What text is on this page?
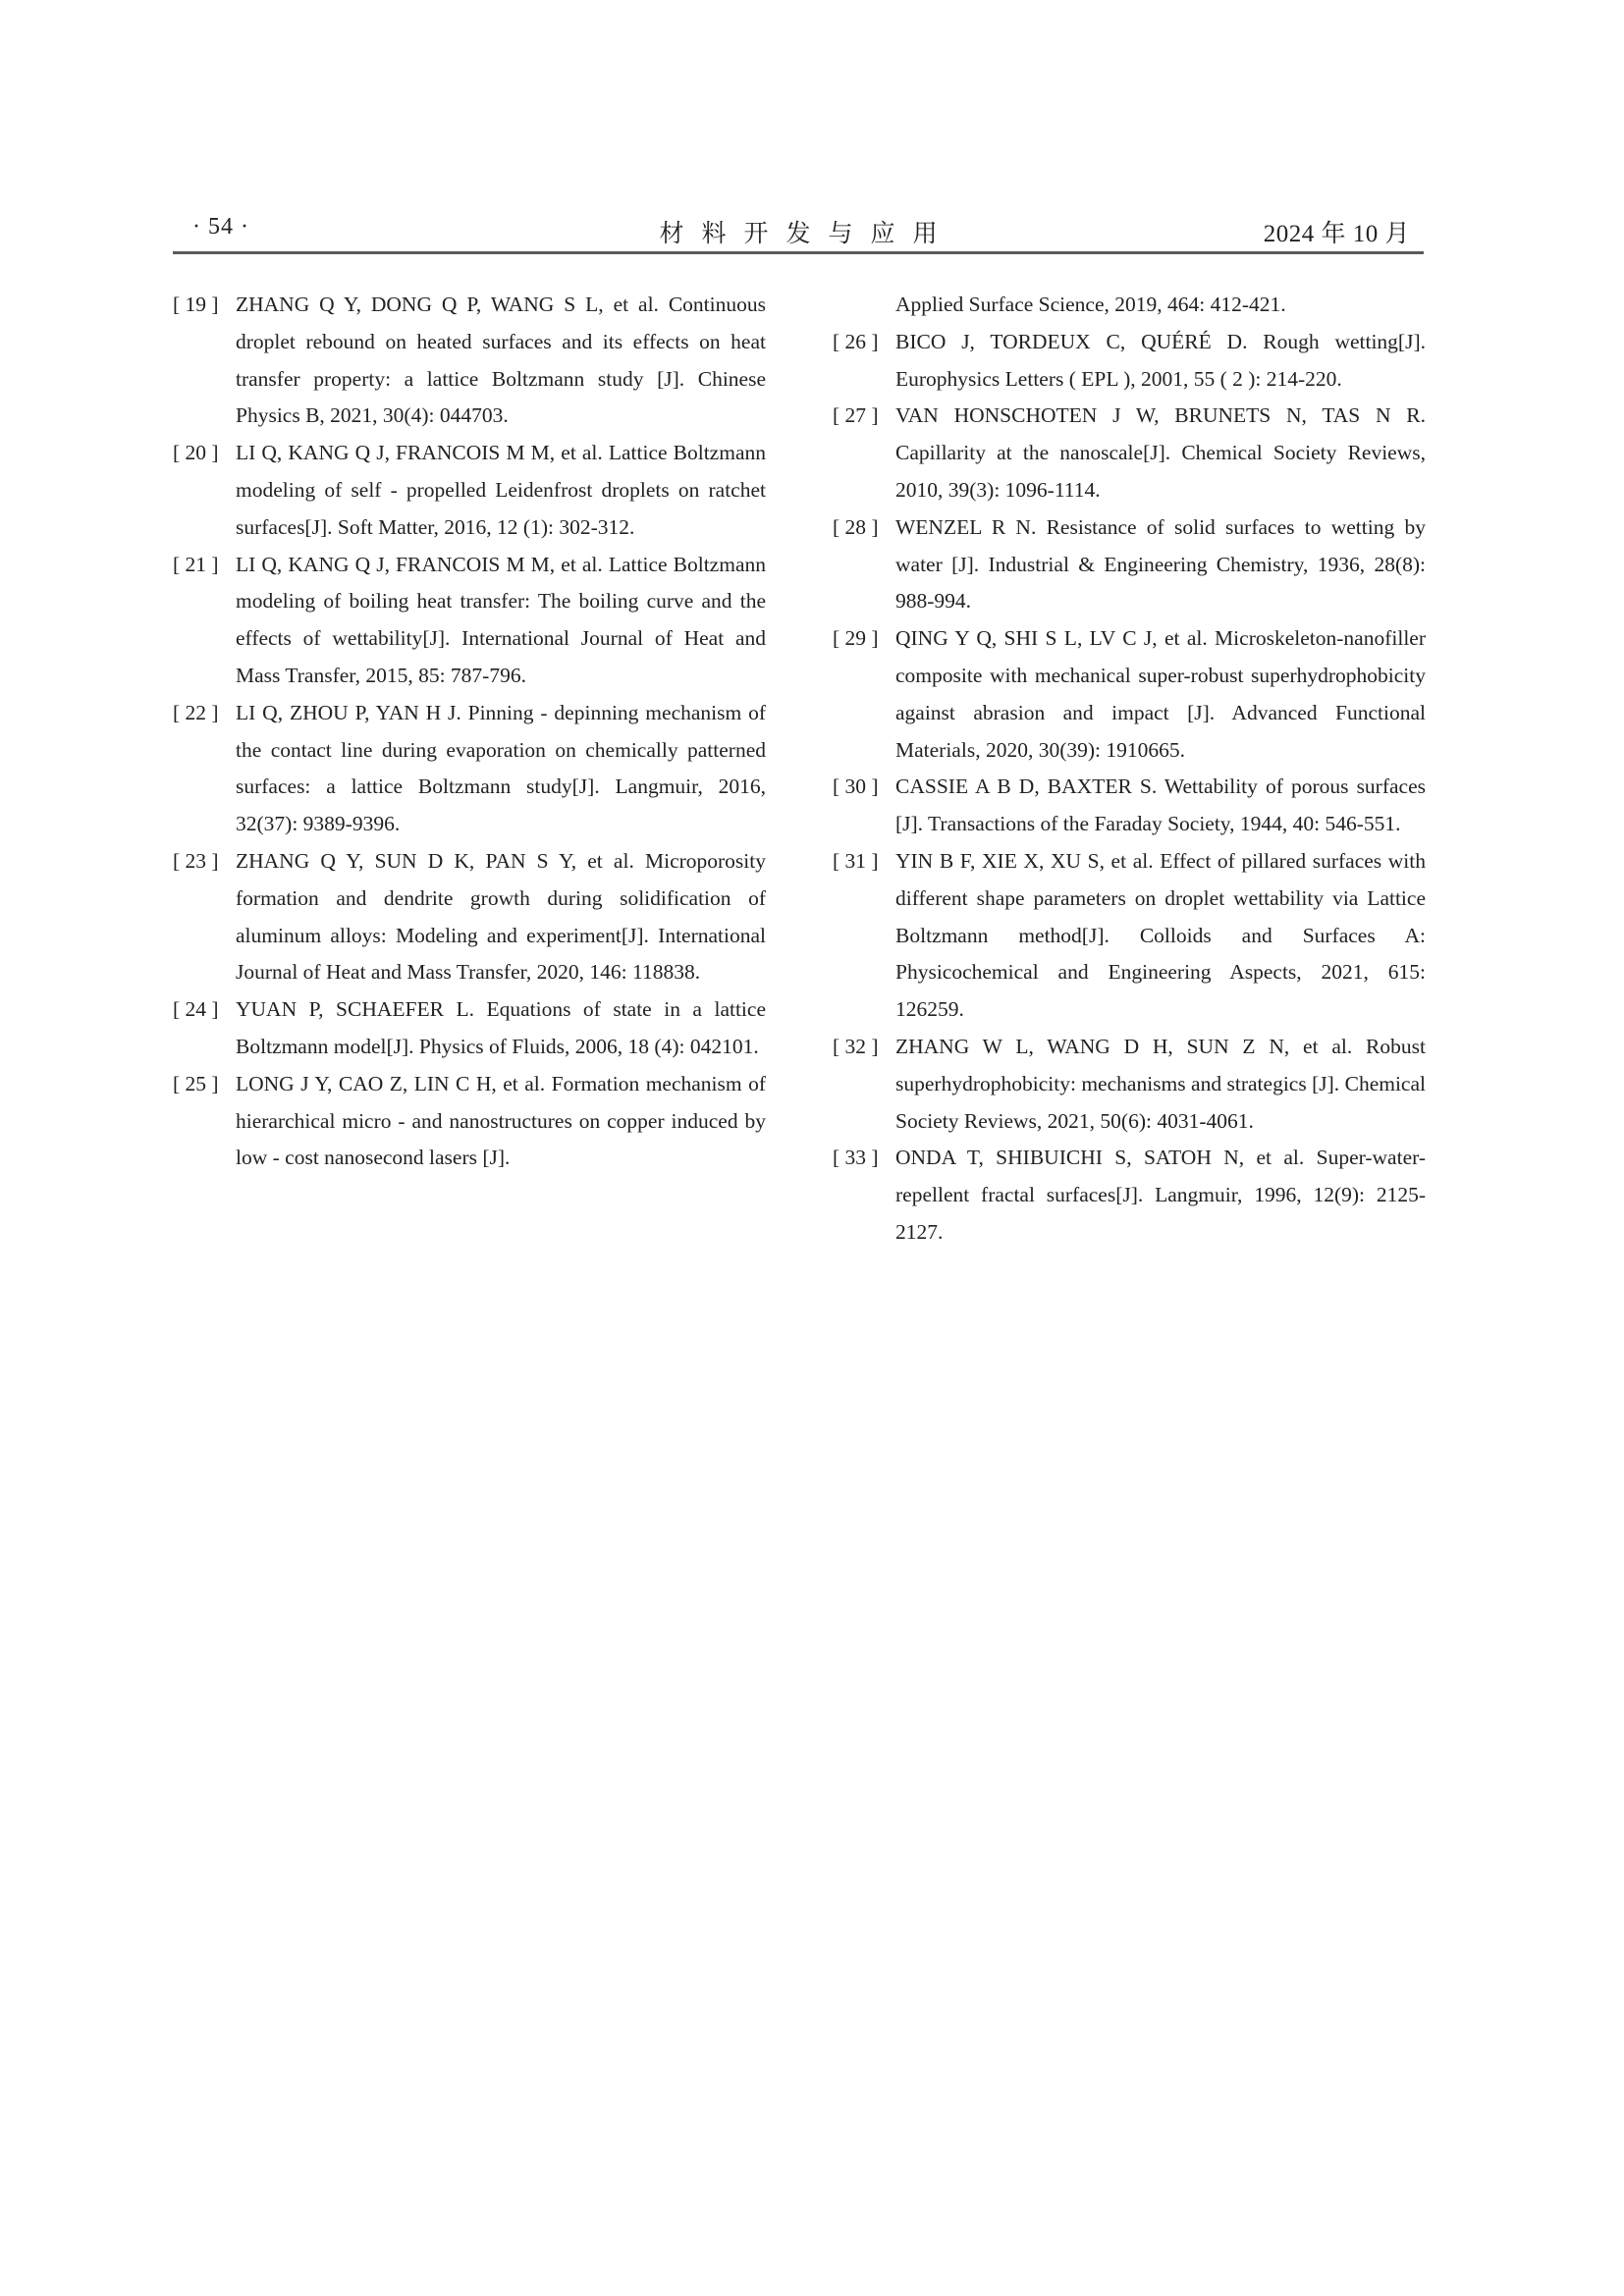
· 54 ·	材料开发与应用	2024 年 10 月
[ 19 ] ZHANG Q Y, DONG Q P, WANG S L, et al. Continuous droplet rebound on heated surfaces and its effects on heat transfer property: a lattice Boltzmann study [J]. Chinese Physics B, 2021, 30(4): 044703.
[ 20 ] LI Q, KANG Q J, FRANCOIS M M, et al. Lattice Boltzmann modeling of self - propelled Leidenfrost droplets on ratchet surfaces[J]. Soft Matter, 2016, 12 (1): 302-312.
[ 21 ] LI Q, KANG Q J, FRANCOIS M M, et al. Lattice Boltzmann modeling of boiling heat transfer: The boiling curve and the effects of wettability[J]. International Journal of Heat and Mass Transfer, 2015, 85: 787-796.
[ 22 ] LI Q, ZHOU P, YAN H J. Pinning - depinning mechanism of the contact line during evaporation on chemically patterned surfaces: a lattice Boltzmann study[J]. Langmuir, 2016, 32(37): 9389-9396.
[ 23 ] ZHANG Q Y, SUN D K, PAN S Y, et al. Microporosity formation and dendrite growth during solidification of aluminum alloys: Modeling and experiment[J]. International Journal of Heat and Mass Transfer, 2020, 146: 118838.
[ 24 ] YUAN P, SCHAEFER L. Equations of state in a lattice Boltzmann model[J]. Physics of Fluids, 2006, 18 (4): 042101.
[ 25 ] LONG J Y, CAO Z, LIN C H, et al. Formation mechanism of hierarchical micro - and nanostructures on copper induced by low - cost nanosecond lasers [J].
Applied Surface Science, 2019, 464: 412-421.
[ 26 ] BICO J, TORDEUX C, QUÉRÉ D. Rough wetting[J]. Europhysics Letters ( EPL ), 2001, 55 ( 2 ): 214-220.
[ 27 ] VAN HONSCHOTEN J W, BRUNETS N, TAS N R. Capillarity at the nanoscale[J]. Chemical Society Reviews, 2010, 39(3): 1096-1114.
[ 28 ] WENZEL R N. Resistance of solid surfaces to wetting by water [J]. Industrial & Engineering Chemistry, 1936, 28(8): 988-994.
[ 29 ] QING Y Q, SHI S L, LV C J, et al. Microskeleton-nanofiller composite with mechanical super-robust superhydrophobicity against abrasion and impact [J]. Advanced Functional Materials, 2020, 30(39): 1910665.
[ 30 ] CASSIE A B D, BAXTER S. Wettability of porous surfaces [J]. Transactions of the Faraday Society, 1944, 40: 546-551.
[ 31 ] YIN B F, XIE X, XU S, et al. Effect of pillared surfaces with different shape parameters on droplet wettability via Lattice Boltzmann method[J]. Colloids and Surfaces A: Physicochemical and Engineering Aspects, 2021, 615: 126259.
[ 32 ] ZHANG W L, WANG D H, SUN Z N, et al. Robust superhydrophobicity: mechanisms and strategics [J]. Chemical Society Reviews, 2021, 50(6): 4031-4061.
[ 33 ] ONDA T, SHIBUICHI S, SATOH N, et al. Super-water-repellent fractal surfaces[J]. Langmuir, 1996, 12(9): 2125-2127.
